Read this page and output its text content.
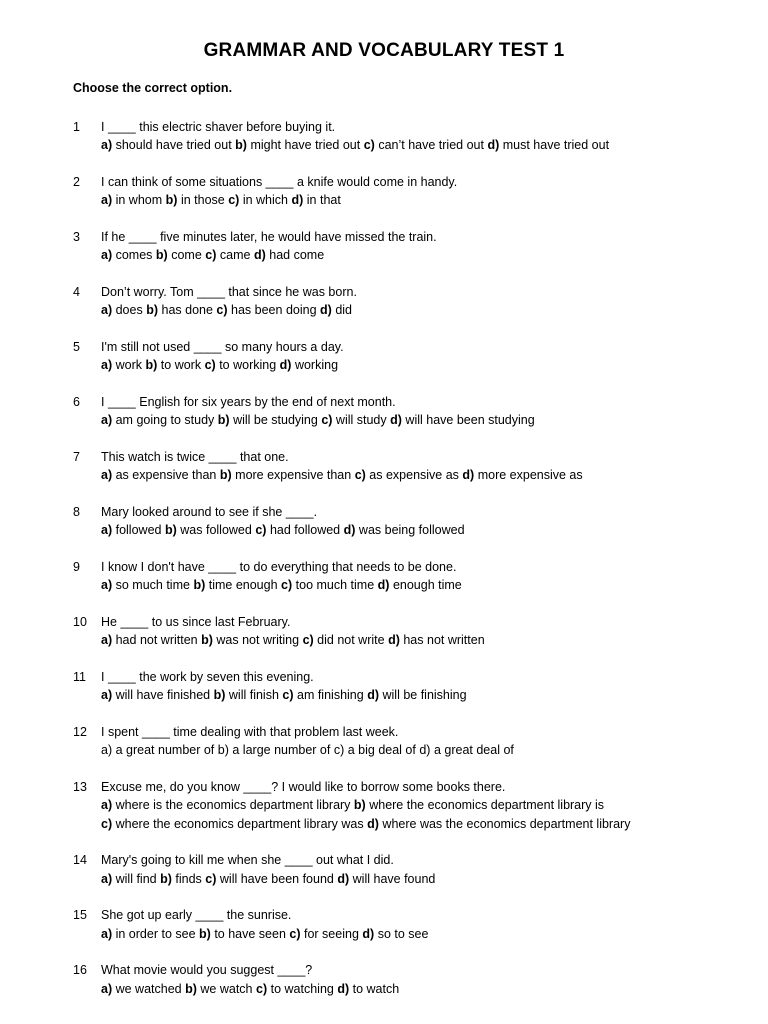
GRAMMAR AND VOCABULARY TEST 1
Choose the correct option.
1 I ____ this electric shaver before buying it.
a) should have tried out b) might have tried out c) can’t have tried out d) must have tried out
2 I can think of some situations ____ a knife would come in handy.
a) in whom b) in those c) in which d) in that
3 If he ____ five minutes later, he would have missed the train.
a) comes b) come c) came d) had come
4 Don’t worry. Tom ____ that since he was born.
a) does b) has done c) has been doing d) did
5 I'm still not used ____ so many hours a day.
a) work b) to work c) to working d) working
6 I ____ English for six years by the end of next month.
a) am going to study b) will be studying c) will study d) will have been studying
7 This watch is twice ____ that one.
a) as expensive than b) more expensive than c) as expensive as d) more expensive as
8 Mary looked around to see if she ____.
a) followed b) was followed c) had followed d) was being followed
9 I know I don't have ____ to do everything that needs to be done.
a) so much time b) time enough c) too much time d) enough time
10 He ____ to us since last February.
a) had not written b) was not writing c) did not write d) has not written
11 I ____ the work by seven this evening.
a) will have finished b) will finish c) am finishing d) will be finishing
12 I spent ____ time dealing with that problem last week.
a) a great number of b) a large number of c) a big deal of d) a great deal of
13 Excuse me, do you know ____? I would like to borrow some books there.
a) where is the economics department library b) where the economics department library is
c) where the economics department library was d) where was the economics department library
14 Mary's going to kill me when she ____ out what I did.
a) will find b) finds c) will have been found d) will have found
15 She got up early ____ the sunrise.
a) in order to see b) to have seen c) for seeing d) so to see
16 What movie would you suggest ____?
a) we watched b) we watch c) to watching d) to watch
